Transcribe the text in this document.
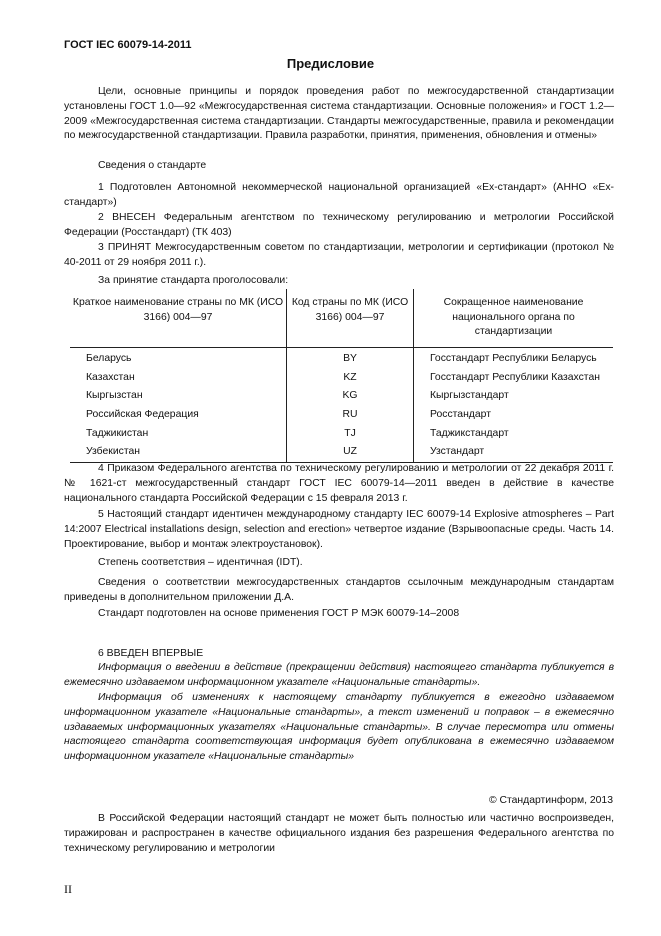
ГОСТ IEC 60079-14-2011
Предисловие

Цели, основные принципы и порядок проведения работ по межгосударственной стандартизации установлены ГОСТ 1.0—92 «Межгосударственная система стандартизации. Основные положения» и ГОСТ 1.2—2009 «Межгосударственная система стандартизации. Стандарты межгосударственные, правила и рекомендации по межгосударственной стандартизации. Правила разработки, принятия, применения, обновления и отмены»

Сведения о стандарте

1 Подготовлен Автономной некоммерческой национальной организацией «Ех-стандарт» (АННО «Ех-стандарт»)

2 ВНЕСЕН Федеральным агентством по техническому регулированию и метрологии Российской Федерации (Росстандарт) (ТК 403)

3 ПРИНЯТ Межгосударственным советом по стандартизации, метрологии и сертификации (протокол № 40-2011 от 29 ноября 2011 г.).

За принятие стандарта проголосовали:

Краткое наименование страны по МК (ИСО 3166) 004—97	Код страны по МК (ИСО 3166) 004—97	Сокращенное наименование национального органа по стандартизации
Беларусь	BY	Госстандарт Республики Беларусь
Казахстан	KZ	Госстандарт Республики Казахстан
Кыргызстан	KG	Кыргызстандарт
Российская Федерация	RU	Росстандарт
Таджикистан	TJ	Таджикстандарт
Узбекистан	UZ	Узстандарт

4 Приказом Федерального агентства по техническому регулированию и метрологии от 22 декабря 2011 г. № 1621-ст межгосударственный стандарт ГОСТ IEC 60079-14—2011 введен в действие в качестве национального стандарта Российской Федерации с 15 февраля 2013 г.

5 Настоящий стандарт идентичен международному стандарту IEC 60079-14 Explosive atmospheres – Part 14:2007 Electrical installations design, selection and erection» четвертое издание (Взрывоопасные среды. Часть 14. Проектирование, выбор и монтаж электроустановок).

Степень соответствия – идентичная (IDT).

Сведения о соответствии межгосударственных стандартов ссылочным международным стандартам приведены в дополнительном приложении Д.А.

Стандарт подготовлен на основе применения ГОСТ Р МЭК 60079-14–2008

6 ВВЕДЕН ВПЕРВЫЕ

Информация о введении в действие (прекращении действия) настоящего стандарта публикуется в ежемесячно издаваемом информационном указателе «Национальные стандарты».

Информация об изменениях к настоящему стандарту публикуется в ежегодно издаваемом информационном указателе «Национальные стандарты», а текст изменений и поправок – в ежемесячно издаваемых информационных указателях «Национальные стандарты». В случае пересмотра или отмены настоящего стандарта соответствующая информация будет опубликована в ежемесячно издаваемом информационном указателе «Национальные стандарты»

© Стандартинформ, 2013

В Российской Федерации настоящий стандарт не может быть полностью или частично воспроизведен, тиражирован и распространен в качестве официального издания без разрешения Федерального агентства по техническому регулированию и метрологии

II
